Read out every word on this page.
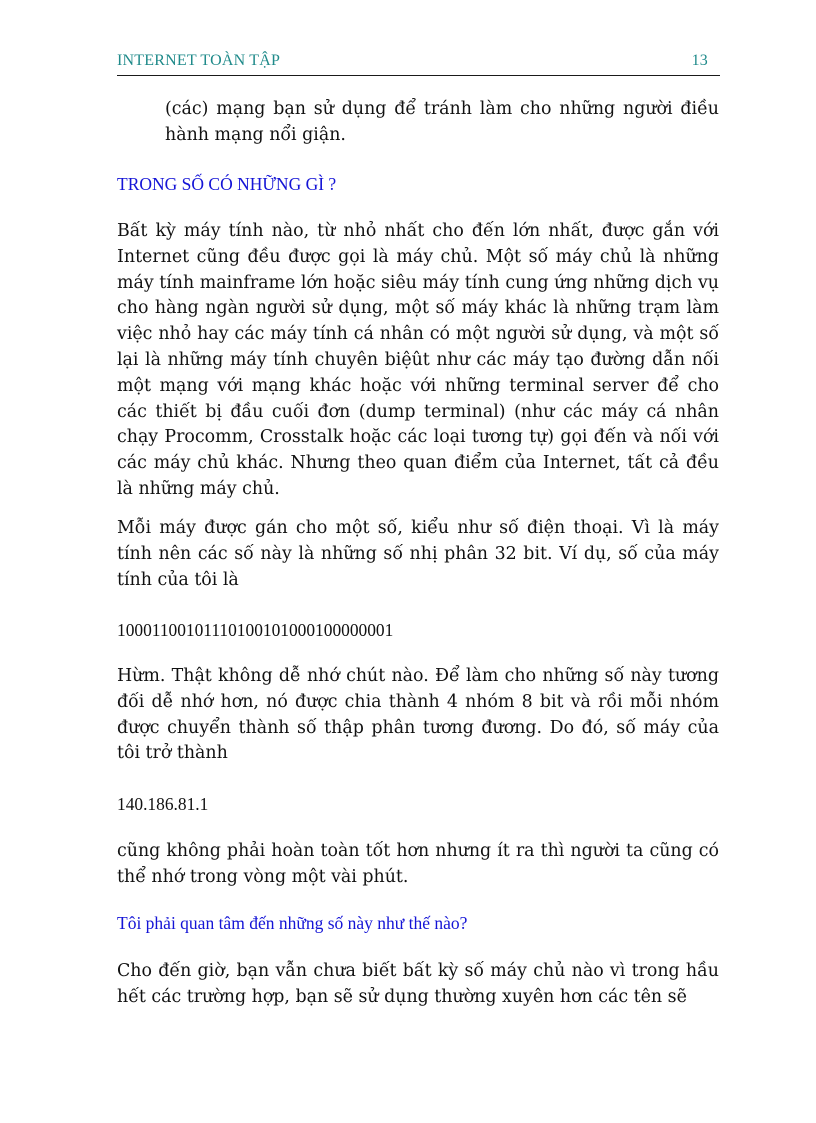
INTERNET TOÀN TẬP	13

(các) mạng bạn sử dụng để tránh làm cho những người điều hành mạng nổi giận.

TRONG SỐ CÓ NHỮNG GÌ ?

Bất kỳ máy tính nào, từ nhỏ nhất cho đến lớn nhất, được gắn với Internet cũng đều được gọi là máy chủ. Một số máy chủ là những máy tính mainframe lớn hoặc siêu máy tính cung ứng những dịch vụ cho hàng ngàn người sử dụng, một số máy khác là những trạm làm việc nhỏ hay các máy tính cá nhân có một người sử dụng, và một số lại là những máy tính chuyên biệût như các máy tạo đường dẫn nối một mạng với mạng khác hoặc với những terminal server để cho các thiết bị đầu cuối đơn (dump terminal) (như các máy cá nhân chạy Procomm, Crosstalk hoặc các loại tương tự) gọi đến và nối với các máy chủ khác. Nhưng theo quan điểm của Internet, tất cả đều là những máy chủ.

Mỗi máy được gán cho một số, kiểu như số điện thoại. Vì là máy tính nên các số này là những số nhị phân 32 bit. Ví dụ, số của máy tính của tôi là

10001100101110100101000100000001

Hừm. Thật không dễ nhớ chút nào. Để làm cho những số này tương đối dễ nhớ hơn, nó được chia thành 4 nhóm 8 bit và rồi mỗi nhóm được chuyển thành số thập phân tương đương. Do đó, số máy của tôi trở thành

140.186.81.1

cũng không phải hoàn toàn tốt hơn nhưng ít ra thì người ta cũng có thể nhớ trong vòng một vài phút.

Tôi phải quan tâm đến những số này như thế nào?

Cho đến giờ, bạn vẫn chưa biết bất kỳ số máy chủ nào vì trong hầu hết các trường hợp, bạn sẽ sử dụng thường xuyên hơn các tên sẽ
